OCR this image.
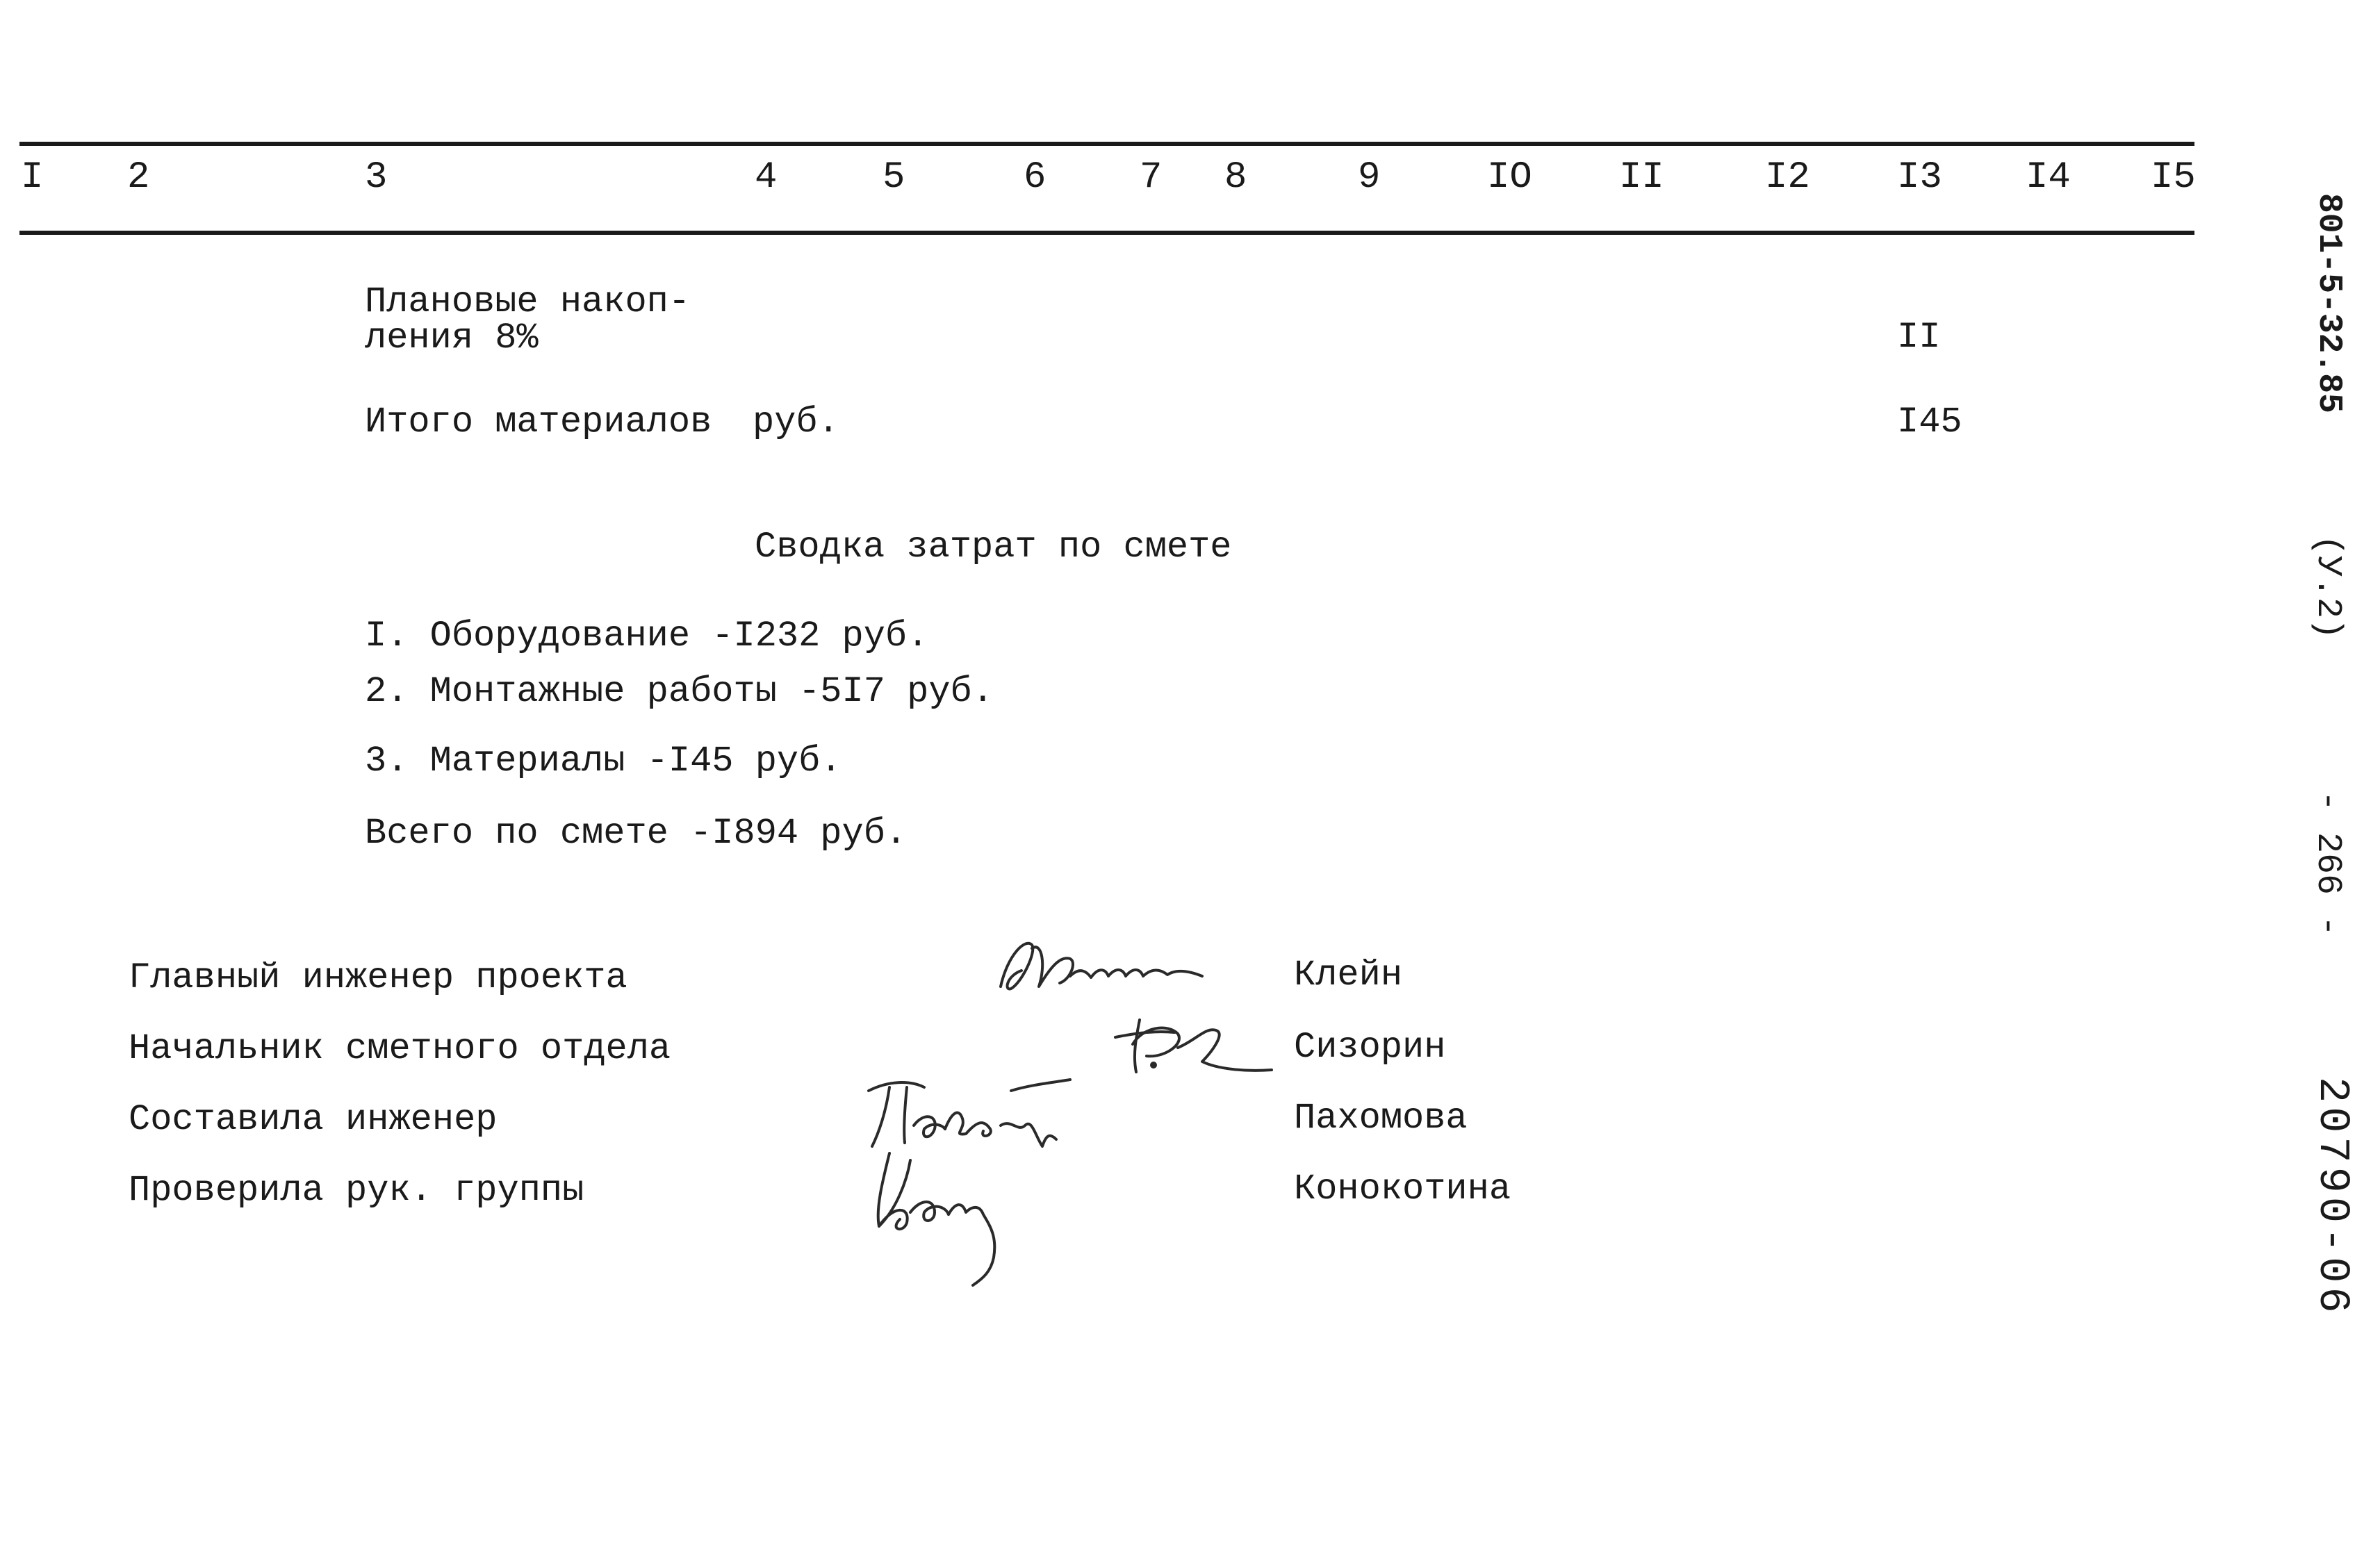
I 2	3	4	5	6 7 8	9	IO II	I2 I3 I4 I5
Плановые накоп-
ления 8%	II
Итого материалов руб.	I45
Сводка затрат по смете
I. Оборудование -I232 руб.
2. Монтажные работы -5I7 руб.
3. Материалы -I45 руб.
Всего по смете -I894 руб.
Главный инженер проекта	Клейн
Начальник сметного отдела	Сизорин
Составила инженер	Пахомова
Проверила рук. группы	Конокотина
801-5-32.85
(У.2)
- 266 -
20790-06
